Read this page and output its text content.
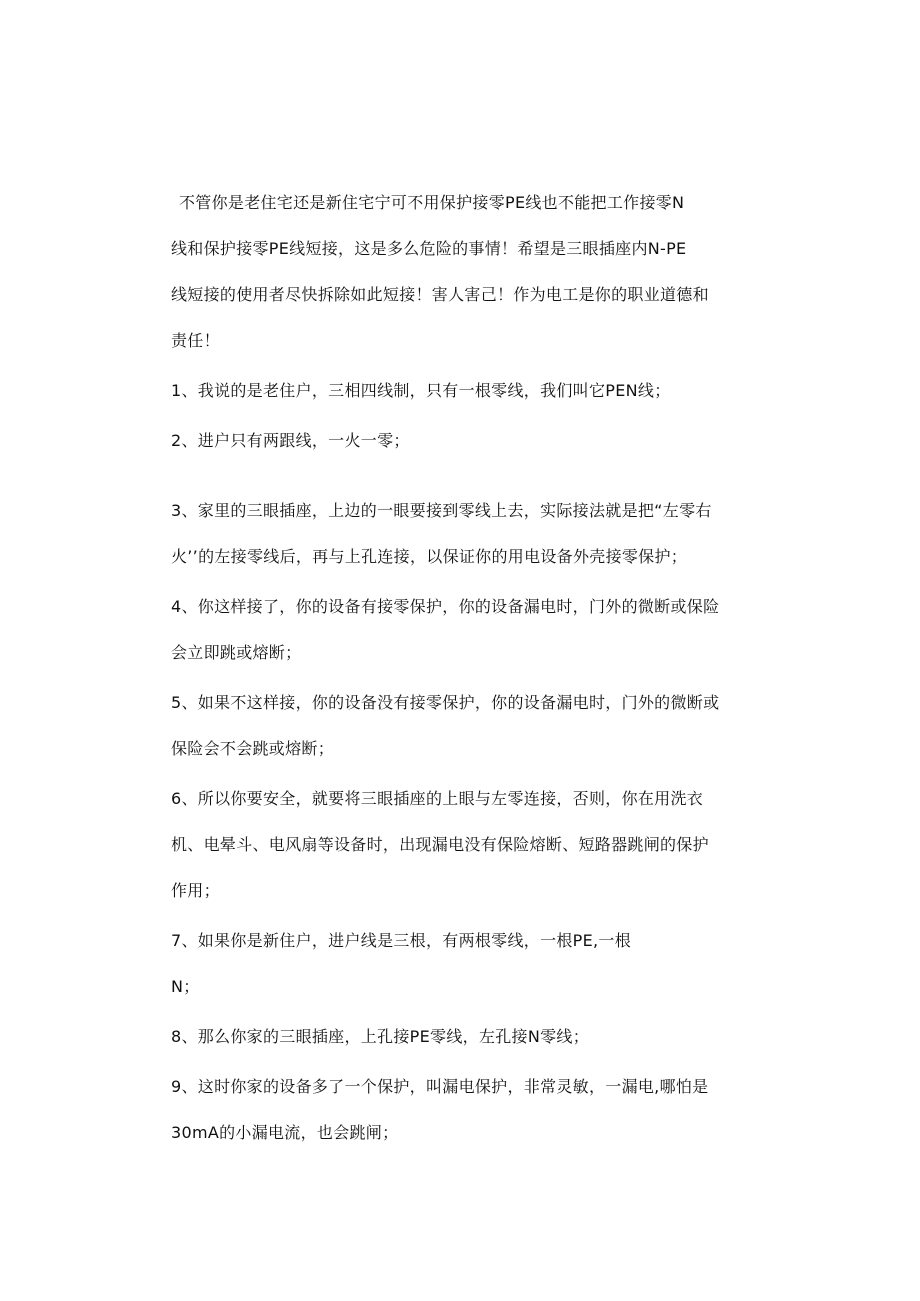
不管你是老住宅还是新住宅宁可不用保护接零PE线也不能把工作接零N
线和保护接零PE线短接，这是多么危险的事情！希望是三眼插座内N-PE
线短接的使用者尽快拆除如此短接！害人害己！作为电工是你的职业道德和
责任！
1、我说的是老住户，三相四线制，只有一根零线，我们叫它PEN线；
2、进户只有两跟线，一火一零；
3、家里的三眼插座，上边的一眼要接到零线上去，实际接法就是把“左零右
火’’的左接零线后，再与上孔连接，以保证你的用电设备外壳接零保护；
4、你这样接了，你的设备有接零保护，你的设备漏电时，门外的微断或保险
会立即跳或熔断；
5、如果不这样接，你的设备没有接零保护，你的设备漏电时，门外的微断或
保险会不会跳或熔断；
6、所以你要安全，就要将三眼插座的上眼与左零连接，否则，你在用洗衣
机、电晕斗、电风扇等设备时，出现漏电没有保险熔断、短路器跳闸的保护
作用；
7、如果你是新住户，进户线是三根，有两根零线，一根PE,一根
N；
8、那么你家的三眼插座，上孔接PE零线，左孔接N零线；
9、这时你家的设备多了一个保护，叫漏电保护，非常灵敏，一漏电,哪怕是
30mA的小漏电流，也会跳闸；
